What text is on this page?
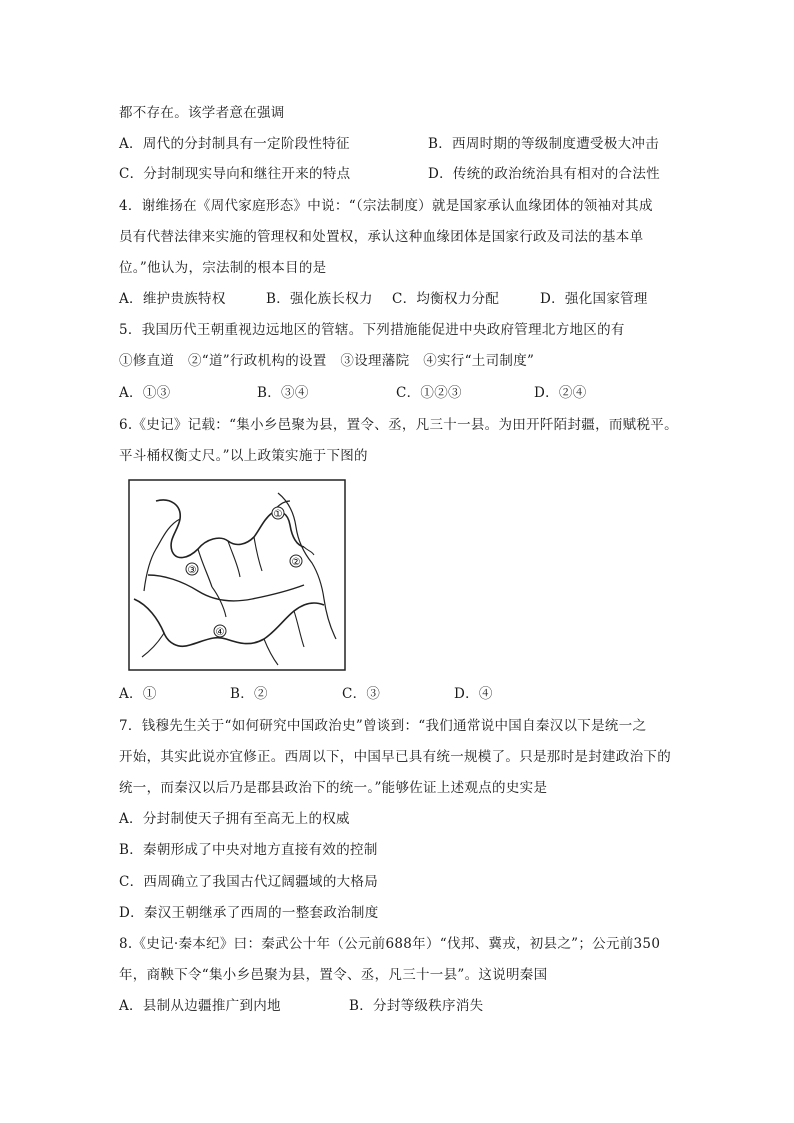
都不存在。该学者意在强调
A．周代的分封制具有一定阶段性特征	B．西周时期的等级制度遭受极大冲击
C．分封制现实导向和继往开来的特点	D．传统的政治统治具有相对的合法性
4．谢维扬在《周代家庭形态》中说：“（宗法制度）就是国家承认血缘团体的领袖对其成
员有代替法律来实施的管理权和处置权，承认这种血缘团体是国家行政及司法的基本单
位。”他认为，宗法制的根本目的是
A．维护贵族特权	B．强化族长权力 C．均衡权力分配	D．强化国家管理
5．我国历代王朝重视边远地区的管辖。下列措施能促进中央政府管理北方地区的有
①修直道　②“道”行政机构的设置　③设理藩院　④实行“土司制度”
A．①③	B．③④	C．①②③	D．②④
6.《史记》记载：“集小乡邑聚为县，置令、丞，凡三十一县。为田开阡陌封疆，而赋税平。
平斗桶权衡丈尺。”以上政策实施于下图的
①
②
③
④
A．①	B．②	C．③	D．④
7．钱穆先生关于“如何研究中国政治史”曾谈到：“我们通常说中国自秦汉以下是统一之
开始，其实此说亦宜修正。西周以下，中国早已具有统一规模了。只是那时是封建政治下的
统一，而秦汉以后乃是郡县政治下的统一。”能够佐证上述观点的史实是
A．分封制使天子拥有至高无上的权威
B．秦朝形成了中央对地方直接有效的控制
C．西周确立了我国古代辽阔疆域的大格局
D．秦汉王朝继承了西周的一整套政治制度
8.《史记·秦本纪》曰：秦武公十年（公元前688年）“伐邦、冀戎，初县之”；公元前350
年，商鞅下令“集小乡邑聚为县，置令、丞，凡三十一县”。这说明秦国
A．县制从边疆推广到内地	B．分封等级秩序消失
